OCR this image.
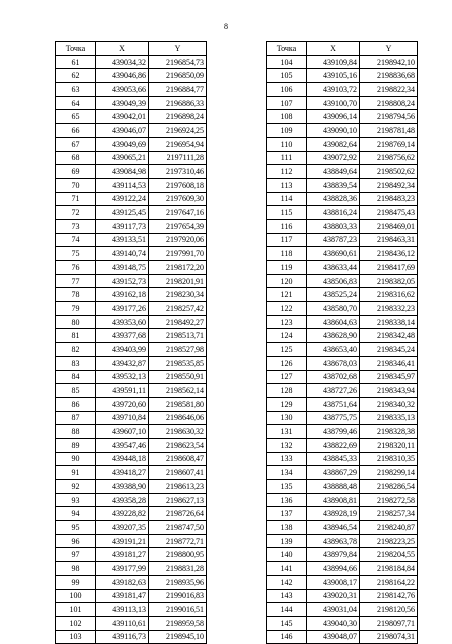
8
Точка	X	Y
61	439034,32	2196854,73
62	439046,86	2196850,09
63	439053,66	2196884,77
64	439049,39	2196886,33
65	439042,01	2196898,24
66	439046,07	2196924,25
67	439049,69	2196954,94
68	439065,21	2197111,28
69	439084,98	2197310,46
70	439114,53	2197608,18
71	439122,24	2197609,30
72	439125,45	2197647,16
73	439117,73	2197654,39
74	439133,51	2197920,06
75	439140,74	2197991,70
76	439148,75	2198172,20
77	439152,73	2198201,91
78	439162,18	2198230,34
79	439177,26	2198257,42
80	439353,60	2198492,27
81	439377,68	2198513,71
82	439403,99	2198527,98
83	439432,87	2198535,85
84	439532,13	2198550,91
85	439591,11	2198562,14
86	439720,60	2198581,80
87	439710,84	2198646,06
88	439607,10	2198630,32
89	439547,46	2198623,54
90	439448,18	2198608,47
91	439418,27	2198607,41
92	439388,90	2198613,23
93	439358,28	2198627,13
94	439228,82	2198726,64
95	439207,35	2198747,50
96	439191,21	2198772,71
97	439181,27	2198800,95
98	439177,99	2198831,28
99	439182,63	2198935,96
100	439181,47	2199016,83
101	439113,13	2199016,51
102	439110,61	2198959,58
103	439116,73	2198945,10
Точка	X	Y
104	439109,84	2198942,10
105	439105,16	2198836,68
106	439103,72	2198822,34
107	439100,70	2198808,24
108	439096,14	2198794,56
109	439090,10	2198781,48
110	439082,64	2198769,14
111	439072,92	2198756,62
112	438849,64	2198502,62
113	438839,54	2198492,34
114	438828,36	2198483,23
115	438816,24	2198475,43
116	438803,33	2198469,01
117	438787,23	2198463,31
118	438690,61	2198436,12
119	438633,44	2198417,69
120	438506,83	2198382,05
121	438525,24	2198316,62
122	438580,70	2198332,23
123	438604,63	2198338,14
124	438628,90	2198342,48
125	438653,40	2198345,24
126	438678,03	2198346,41
127	438702,68	2198345,97
128	438727,26	2198343,94
129	438751,64	2198340,32
130	438775,75	2198335,13
131	438799,46	2198328,38
132	438822,69	2198320,11
133	438845,33	2198310,35
134	438867,29	2198299,14
135	438888,48	2198286,54
136	438908,81	2198272,58
137	438928,19	2198257,34
138	438946,54	2198240,87
139	438963,78	2198223,25
140	438979,84	2198204,55
141	438994,66	2198184,84
142	439008,17	2198164,22
143	439020,31	2198142,76
144	439031,04	2198120,56
145	439040,30	2198097,71
146	439048,07	2198074,31
